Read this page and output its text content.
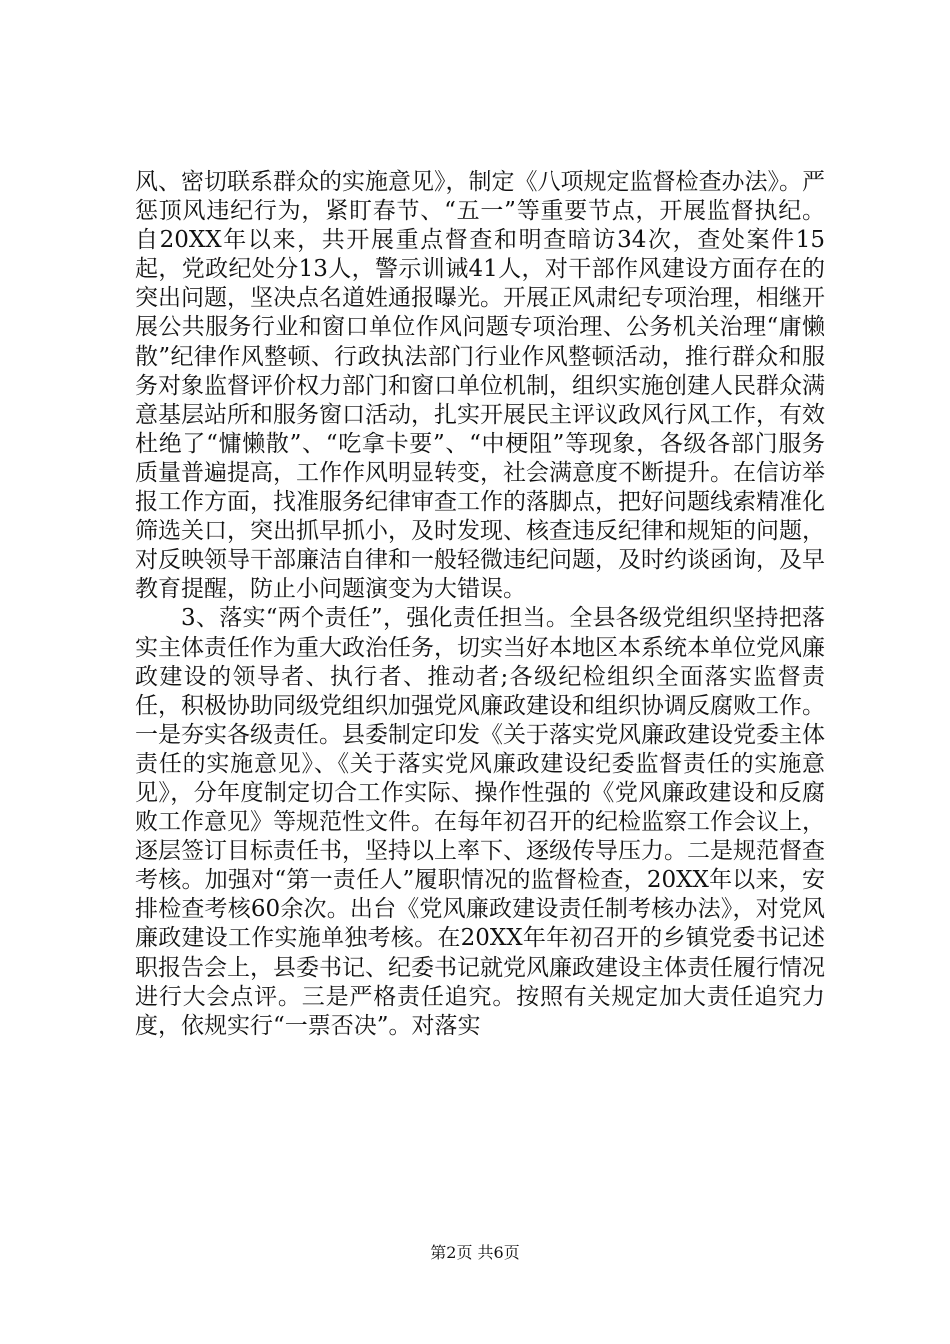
风、密切联系群众的实施意见》，制定《八项规定监督检查办法》。严惩顶风违纪行为，紧盯春节、“五一”等重要节点，开展监督执纪。自20XX年以来，共开展重点督查和明查暗访34次，查处案件15起，党政纪处分13人，警示训诫41人，对干部作风建设方面存在的突出问题，坚决点名道姓通报曝光。开展正风肃纪专项治理，相继开展公共服务行业和窗口单位作风问题专项治理、公务机关治理“庸懒散”纪律作风整顿、行政执法部门行业作风整顿活动，推行群众和服务对象监督评价权力部门和窗口单位机制，组织实施创建人民群众满意基层站所和服务窗口活动，扎实开展民主评议政风行风工作，有效杜绝了“慵懒散”、“吃拿卡要”、“中梗阻”等现象，各级各部门服务质量普遍提高，工作作风明显转变，社会满意度不断提升。在信访举报工作方面，找准服务纪律审查工作的落脚点，把好问题线索精准化筛选关口，突出抓早抓小，及时发现、核查违反纪律和规矩的问题，对反映领导干部廉洁自律和一般轻微违纪问题，及时约谈函询，及早教育提醒，防止小问题演变为大错误。

3、落实“两个责任”，强化责任担当。全县各级党组织坚持把落实主体责任作为重大政治任务，切实当好本地区本系统本单位党风廉政建设的领导者、执行者、推动者;各级纪检组织全面落实监督责任，积极协助同级党组织加强党风廉政建设和组织协调反腐败工作。一是夯实各级责任。县委制定印发《关于落实党风廉政建设党委主体责任的实施意见》、《关于落实党风廉政建设纪委监督责任的实施意见》，分年度制定切合工作实际、操作性强的《党风廉政建设和反腐败工作意见》等规范性文件。在每年初召开的纪检监察工作会议上，逐层签订目标责任书，坚持以上率下、逐级传导压力。二是规范督查考核。加强对“第一责任人”履职情况的监督检查，20XX年以来，安排检查考核60余次。出台《党风廉政建设责任制考核办法》，对党风廉政建设工作实施单独考核。在20XX年年初召开的乡镇党委书记述职报告会上，县委书记、纪委书记就党风廉政建设主体责任履行情况进行大会点评。三是严格责任追究。按照有关规定加大责任追究力度，依规实行“一票否决”。对落实

第2页 共6页
